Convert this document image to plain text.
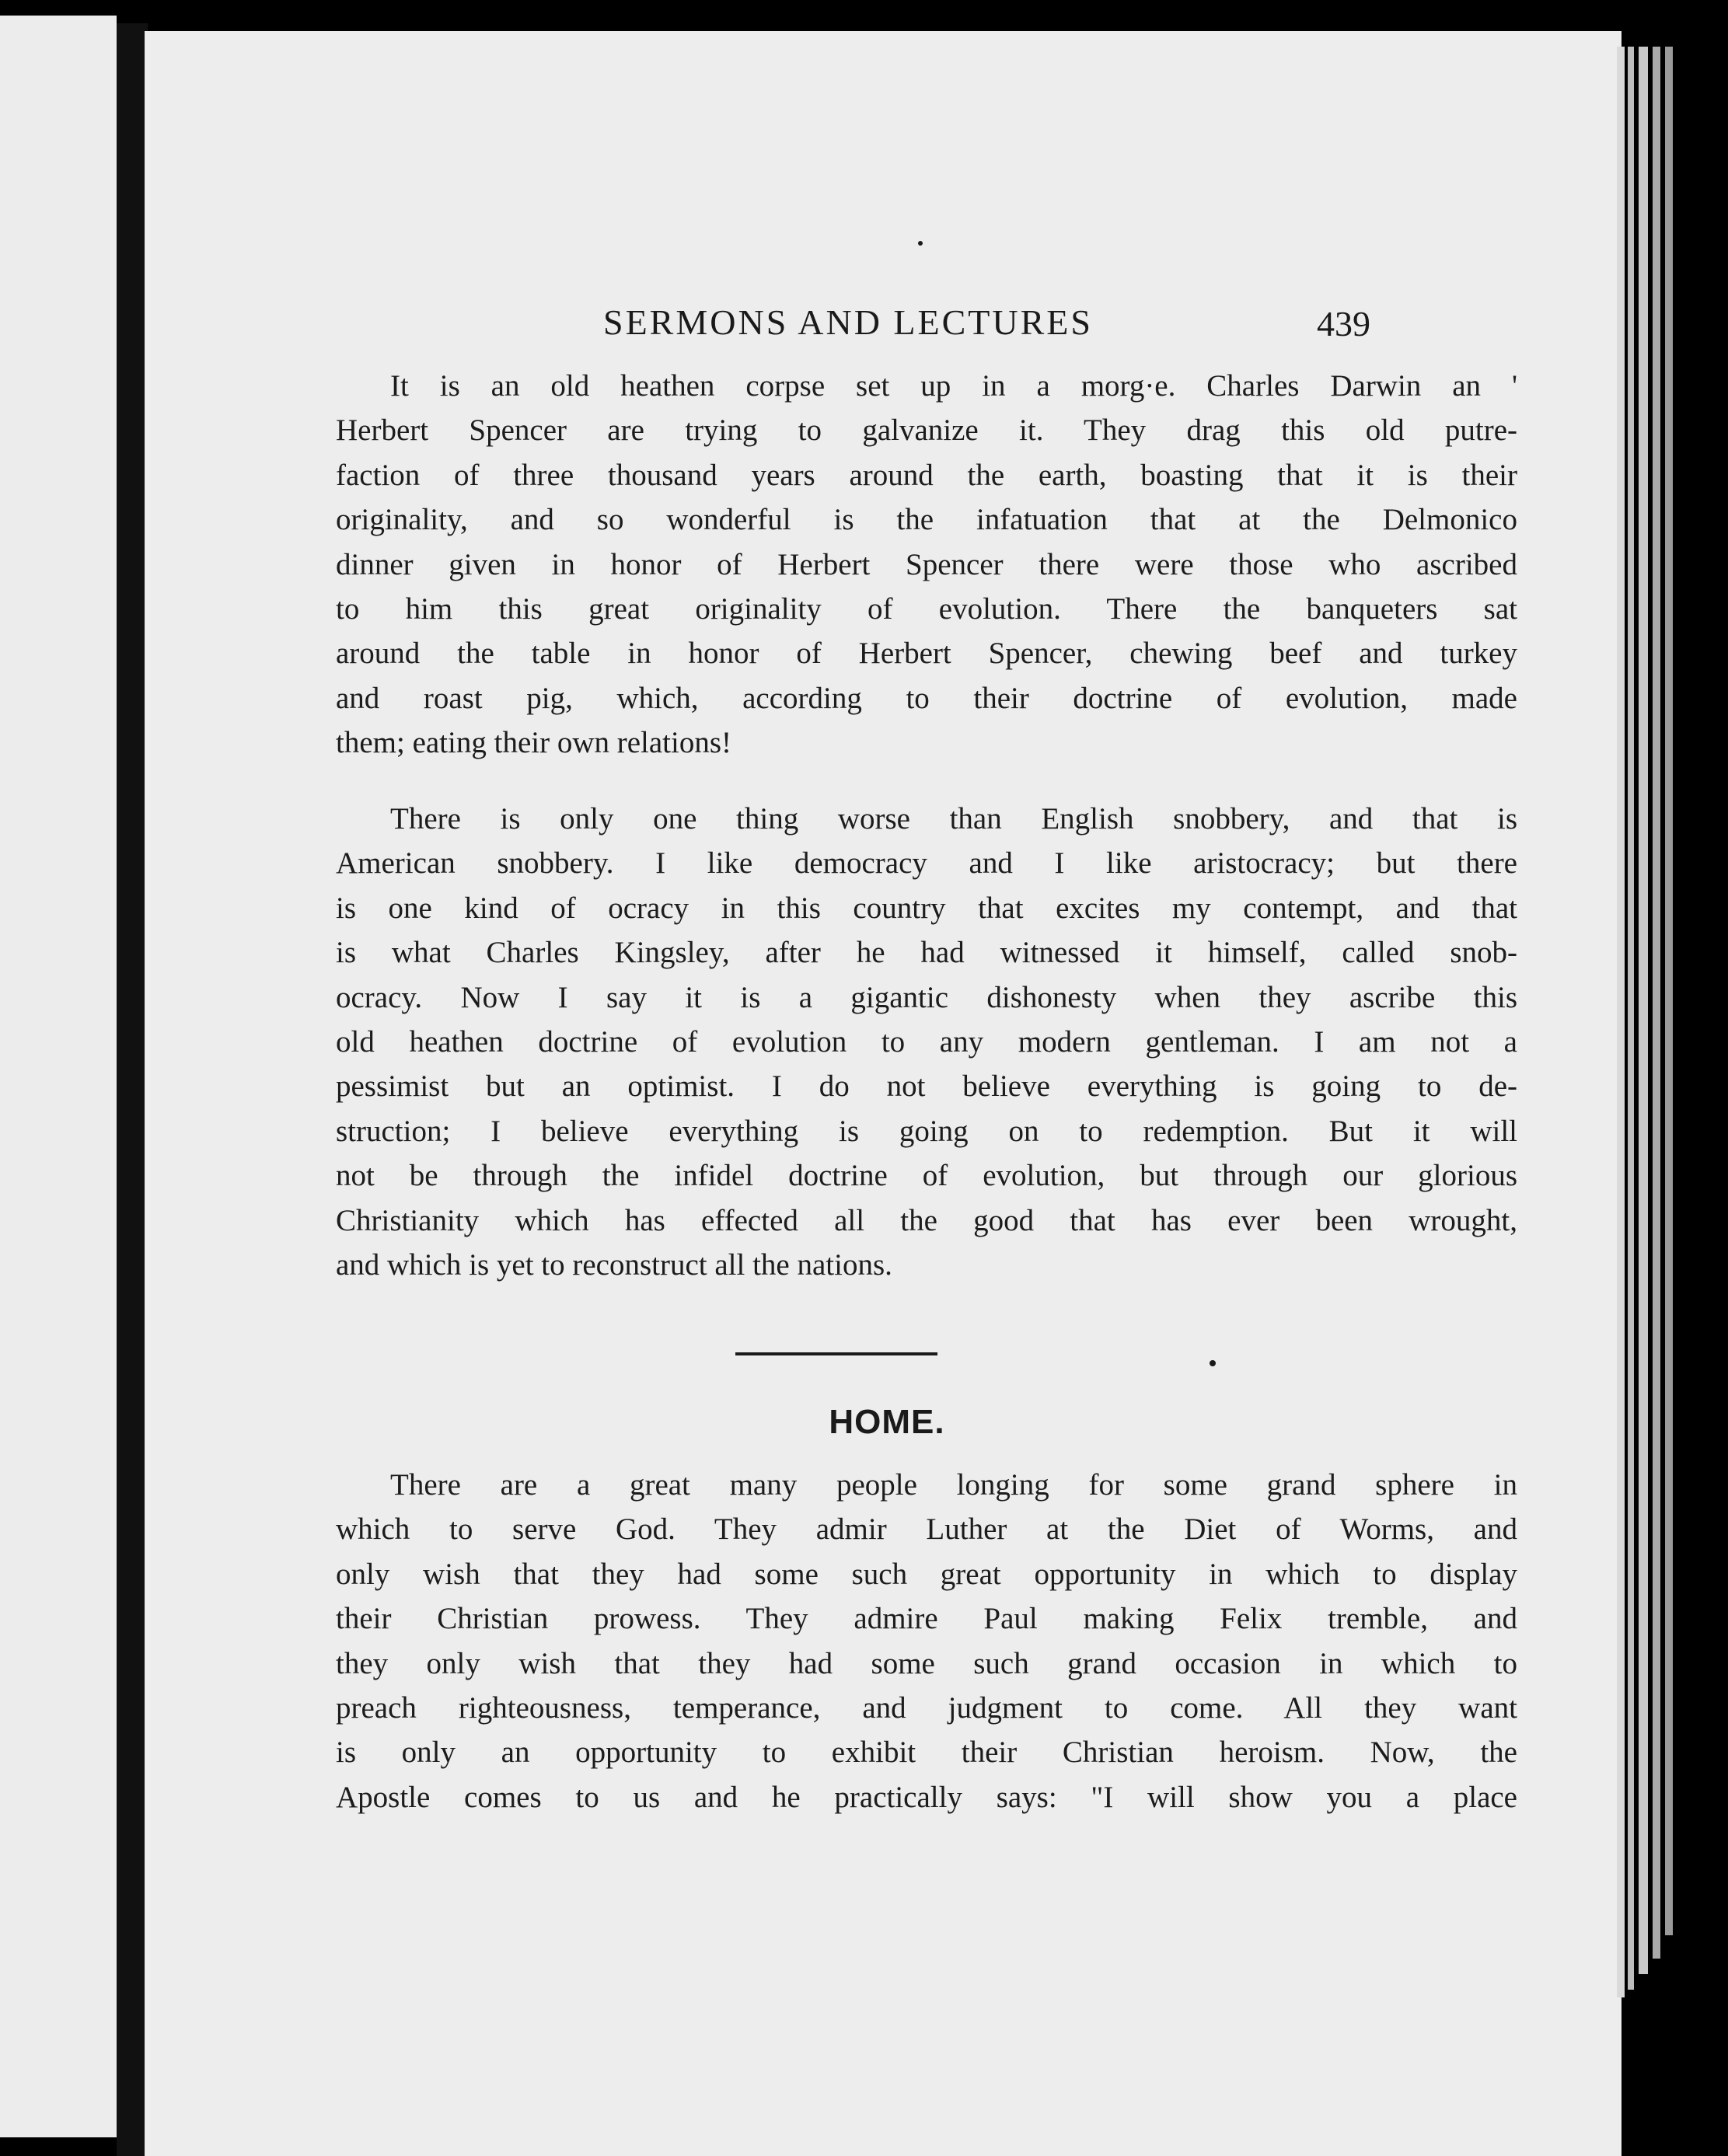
SERMONS AND LECTURES	439
It is an old heathen corpse set up in a morg·e. Charles Darwin an '
Herbert Spencer are trying to galvanize it. They drag this old putre-
faction of three thousand years around the earth, boasting that it is their
originality, and so wonderful is the infatuation that at the Delmonico
dinner given in honor of Herbert Spencer there were those who ascribed
to him this great originality of evolution. There the banqueters sat
around the table in honor of Herbert Spencer, chewing beef and turkey
and roast pig, which, according to their doctrine of evolution, made
them; eating their own relations!
There is only one thing worse than English snobbery, and that is
American snobbery. I like democracy and I like aristocracy; but there
is one kind of ocracy in this country that excites my contempt, and that
is what Charles Kingsley, after he had witnessed it himself, called snob-
ocracy. Now I say it is a gigantic dishonesty when they ascribe this
old heathen doctrine of evolution to any modern gentleman. I am not a
pessimist but an optimist. I do not believe everything is going to de-
struction; I believe everything is going on to redemption. But it will
not be through the infidel doctrine of evolution, but through our glorious
Christianity which has effected all the good that has ever been wrought,
and which is yet to reconstruct all the nations.
HOME.
There are a great many people longing for some grand sphere in
which to serve God. They admir Luther at the Diet of Worms, and
only wish that they had some such great opportunity in which to display
their Christian prowess. They admire Paul making Felix tremble, and
they only wish that they had some such grand occasion in which to
preach righteousness, temperance, and judgment to come. All they want
is only an opportunity to exhibit their Christian heroism. Now, the
Apostle comes to us and he practically says: "I will show you a place
